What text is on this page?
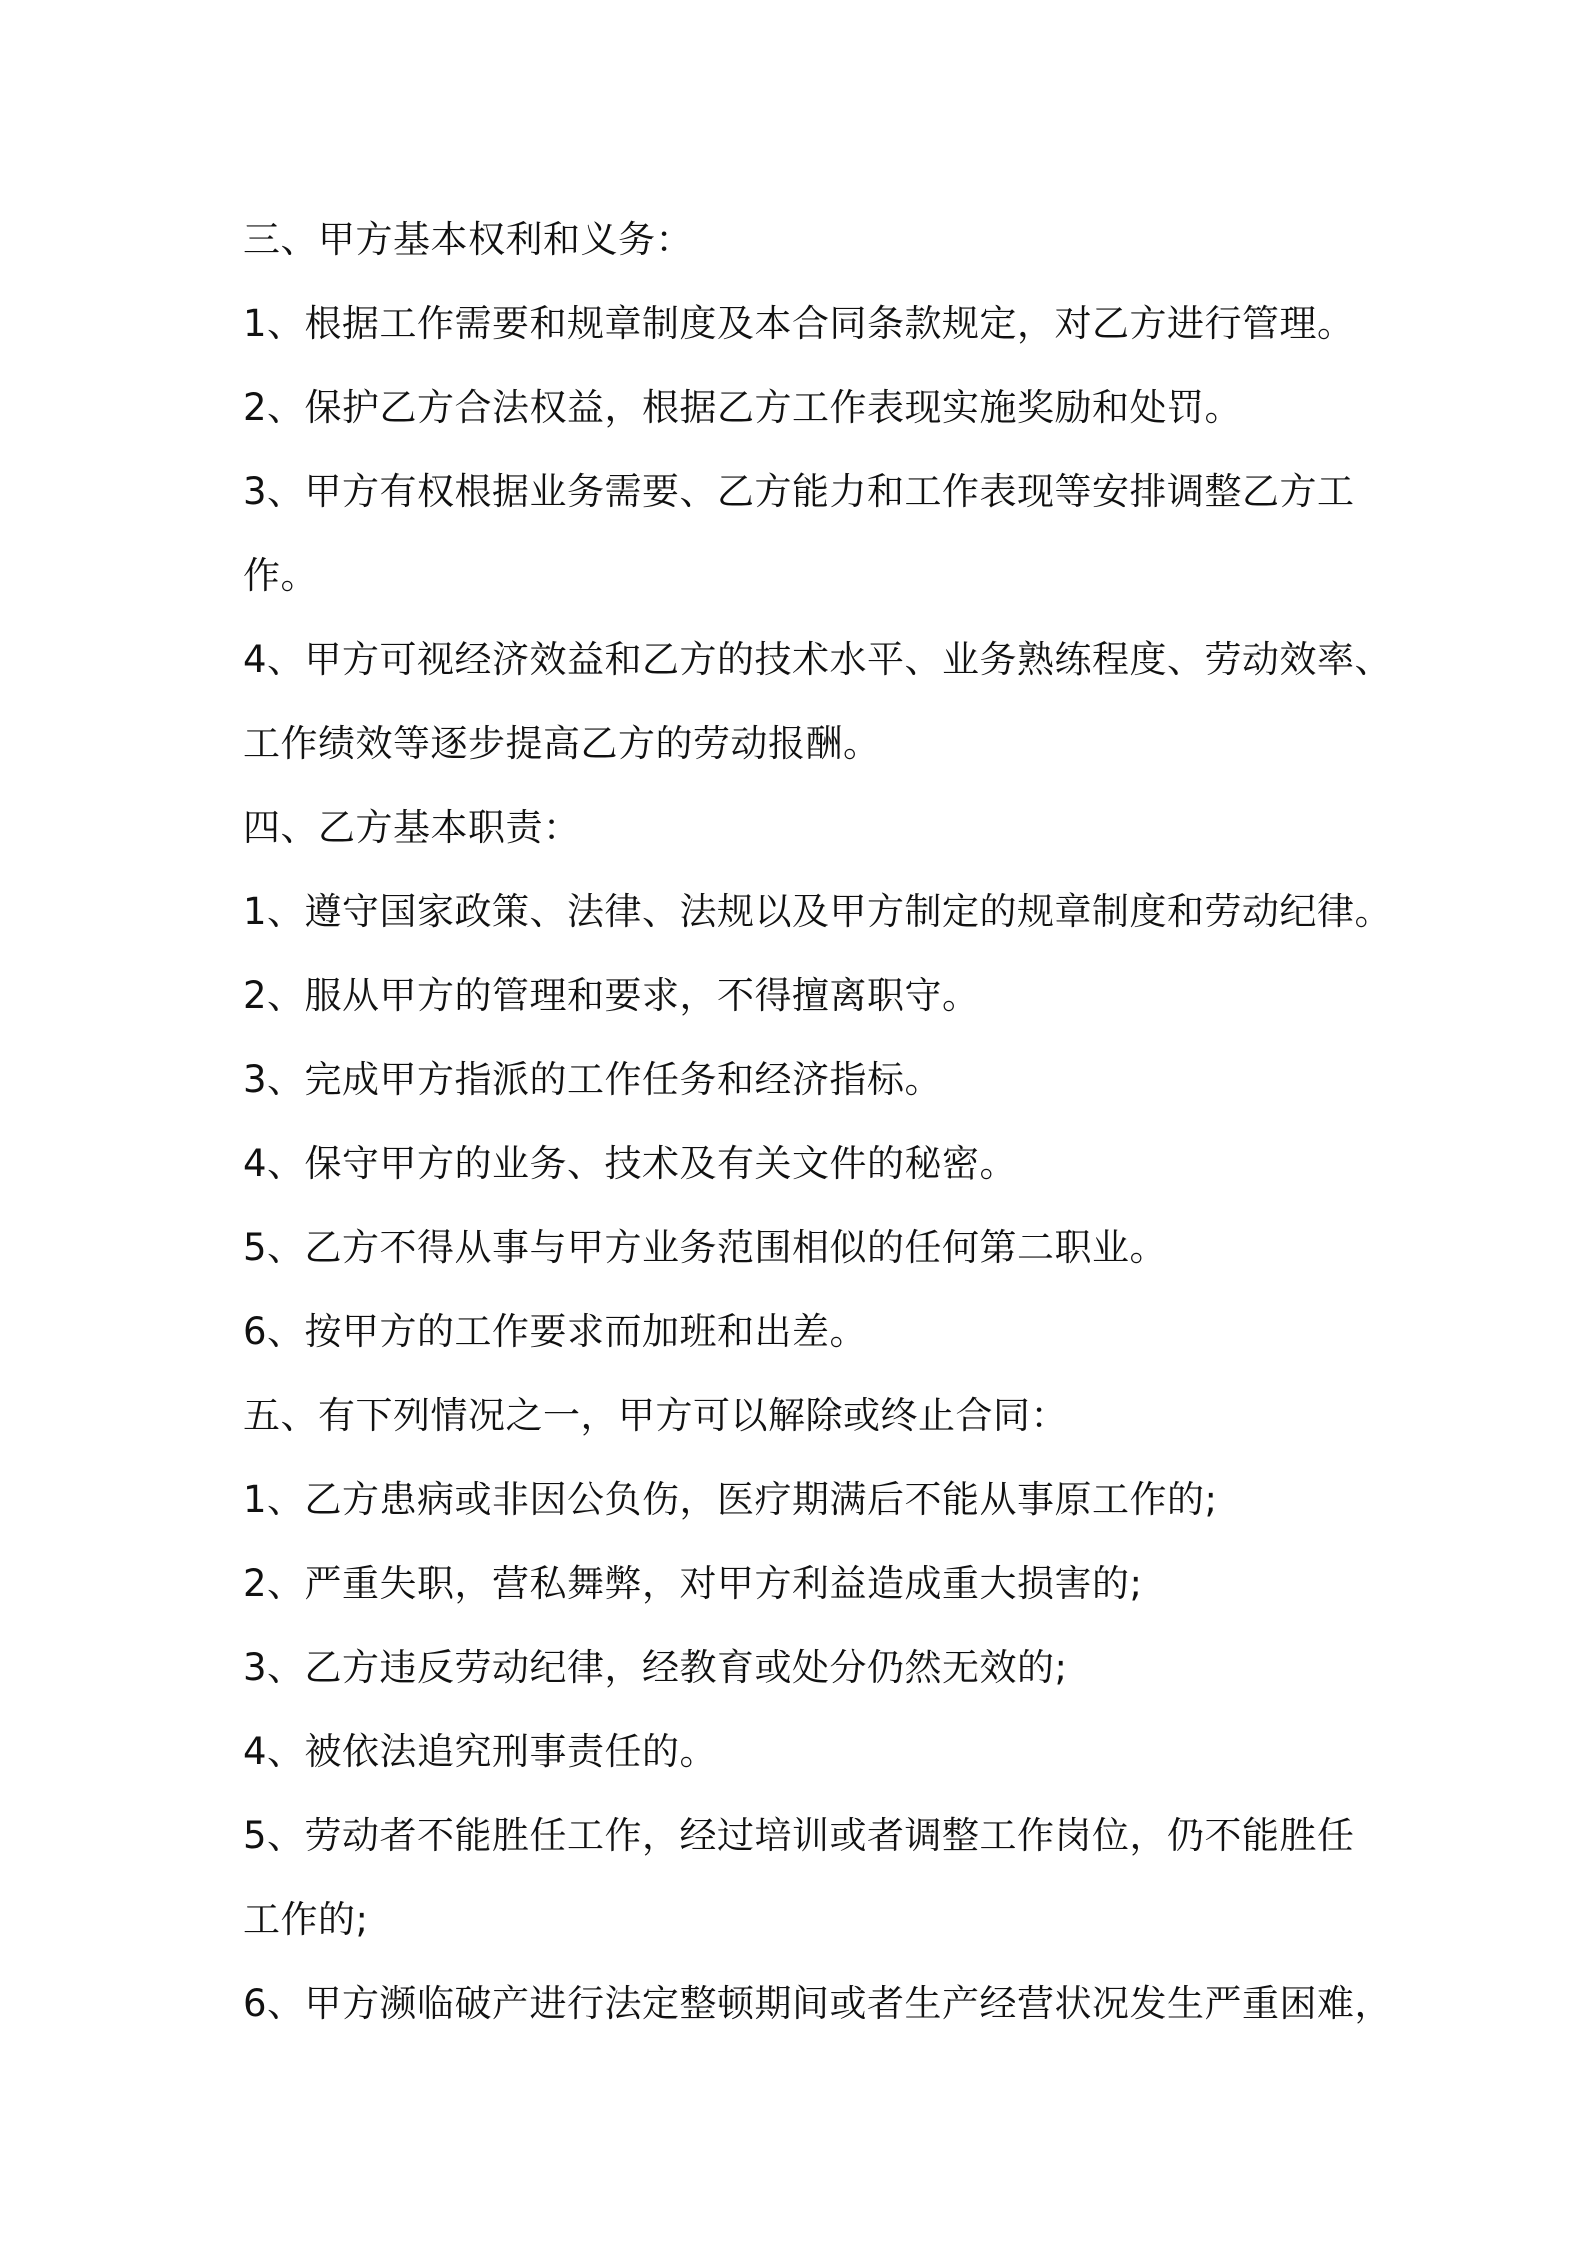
三、甲方基本权利和义务：
1、根据工作需要和规章制度及本合同条款规定，对乙方进行管理。
2、保护乙方合法权益，根据乙方工作表现实施奖励和处罚。
3、甲方有权根据业务需要、乙方能力和工作表现等安排调整乙方工
作。
4、甲方可视经济效益和乙方的技术水平、业务熟练程度、劳动效率、
工作绩效等逐步提高乙方的劳动报酬。
四、乙方基本职责：
1、遵守国家政策、法律、法规以及甲方制定的规章制度和劳动纪律。
2、服从甲方的管理和要求，不得擅离职守。
3、完成甲方指派的工作任务和经济指标。
4、保守甲方的业务、技术及有关文件的秘密。
5、乙方不得从事与甲方业务范围相似的任何第二职业。
6、按甲方的工作要求而加班和出差。
五、有下列情况之一，甲方可以解除或终止合同：
1、乙方患病或非因公负伤，医疗期满后不能从事原工作的;
2、严重失职，营私舞弊，对甲方利益造成重大损害的;
3、乙方违反劳动纪律，经教育或处分仍然无效的;
4、被依法追究刑事责任的。
5、劳动者不能胜任工作，经过培训或者调整工作岗位，仍不能胜任
工作的;
6、甲方濒临破产进行法定整顿期间或者生产经营状况发生严重困难，
